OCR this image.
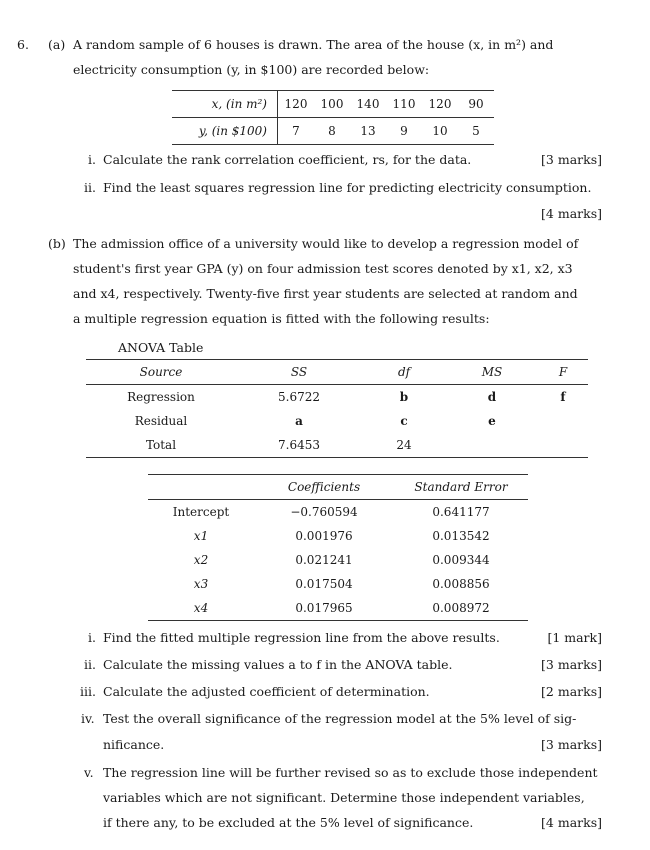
6. (a) A random sample of 6 houses is drawn. The area of the house (x, in m²) and
electricity consumption (y, in $100) are recorded below:
x, (in m²)	120	100	140	110	120	90
y, (in $100)	7	8	13	9	10	5
i. Calculate the rank correlation coefficient, rs, for the data.	[3 marks]
ii. Find the least squares regression line for predicting electricity consumption.
[4 marks]
(b) The admission office of a university would like to develop a regression model of
student's first year GPA (y) on four admission test scores denoted by x1, x2, x3
and x4, respectively. Twenty-five first year students are selected at random and
a multiple regression equation is fitted with the following results:
ANOVA Table
Source	SS	df	MS	F
Regression	5.6722	b	d	f
Residual	a	c	e	
Total	7.6453	24		
	Coefficients	Standard Error
Intercept	−0.760594	0.641177
x1	0.001976	0.013542
x2	0.021241	0.009344
x3	0.017504	0.008856
x4	0.017965	0.008972
i. Find the fitted multiple regression line from the above results.	[1 mark]
ii. Calculate the missing values a to f in the ANOVA table.	[3 marks]
iii. Calculate the adjusted coefficient of determination.	[2 marks]
iv. Test the overall significance of the regression model at the 5% level of sig-
nificance.	[3 marks]
v. The regression line will be further revised so as to exclude those independent
variables which are not significant. Determine those independent variables,
if there any, to be excluded at the 5% level of significance.	[4 marks]
